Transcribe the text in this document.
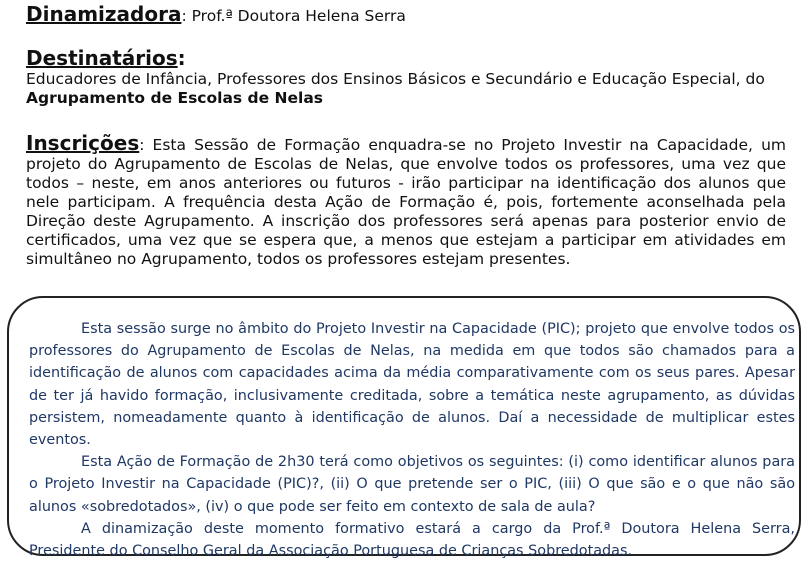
Dinamizadora: Prof.ª Doutora Helena Serra
Destinatários:
Educadores de Infância, Professores dos Ensinos Básicos e Secundário e Educação Especial, do
Agrupamento de Escolas de Nelas
Inscrições: Esta Sessão de Formação enquadra-se no Projeto Investir na Capacidade, um projeto do Agrupamento de Escolas de Nelas, que envolve todos os professores, uma vez que todos – neste, em anos anteriores ou futuros - irão participar na identificação dos alunos que nele participam. A frequência desta Ação de Formação é, pois, fortemente aconselhada pela Direção deste Agrupamento. A inscrição dos professores será apenas para posterior envio de certificados, uma vez que se espera que, a menos que estejam a participar em atividades em simultâneo no Agrupamento, todos os professores estejam presentes.

Esta sessão surge no âmbito do Projeto Investir na Capacidade (PIC); projeto que envolve todos os professores do Agrupamento de Escolas de Nelas, na medida em que todos são chamados para a identificação de alunos com capacidades acima da média comparativamente com os seus pares. Apesar de ter já havido formação, inclusivamente creditada, sobre a temática neste agrupamento, as dúvidas persistem, nomeadamente quanto à identificação de alunos. Daí a necessidade de multiplicar estes eventos.

Esta Ação de Formação de 2h30 terá como objetivos os seguintes: (i) como identificar alunos para o Projeto Investir na Capacidade (PIC)?, (ii) O que pretende ser o PIC, (iii) O que são e o que não são alunos «sobredotados», (iv) o que pode ser feito em contexto de sala de aula?

A dinamização deste momento formativo estará a cargo da Prof.ª Doutora Helena Serra, Presidente do Conselho Geral da Associação Portuguesa de Crianças Sobredotadas.
